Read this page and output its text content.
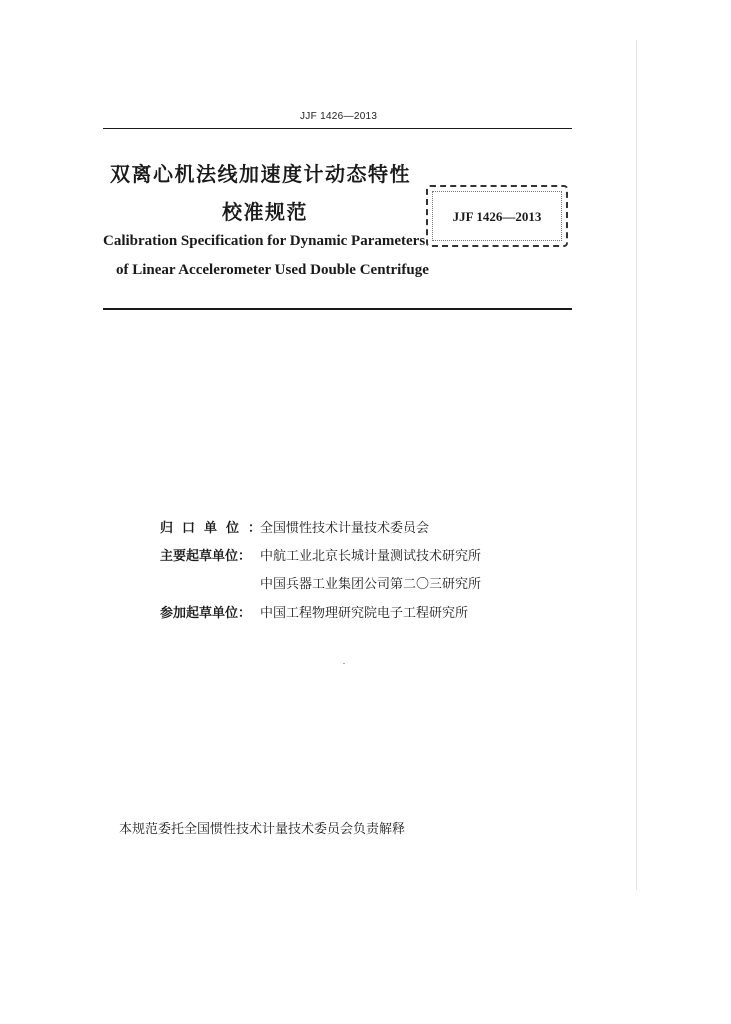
JJF 1426—2013
双离心机法线加速度计动态特性
校准规范
Calibration Specification for Dynamic Parameters
of Linear Accelerometer Used Double Centrifuge
JJF 1426—2013
归口单位：
全国惯性技术计量技术委员会
主要起草单位： 中航工业北京长城计量测试技术研究所
中国兵器工业集团公司第二〇三研究所
参加起草单位： 中国工程物理研究院电子工程研究所
本规范委托全国惯性技术计量技术委员会负责解释
